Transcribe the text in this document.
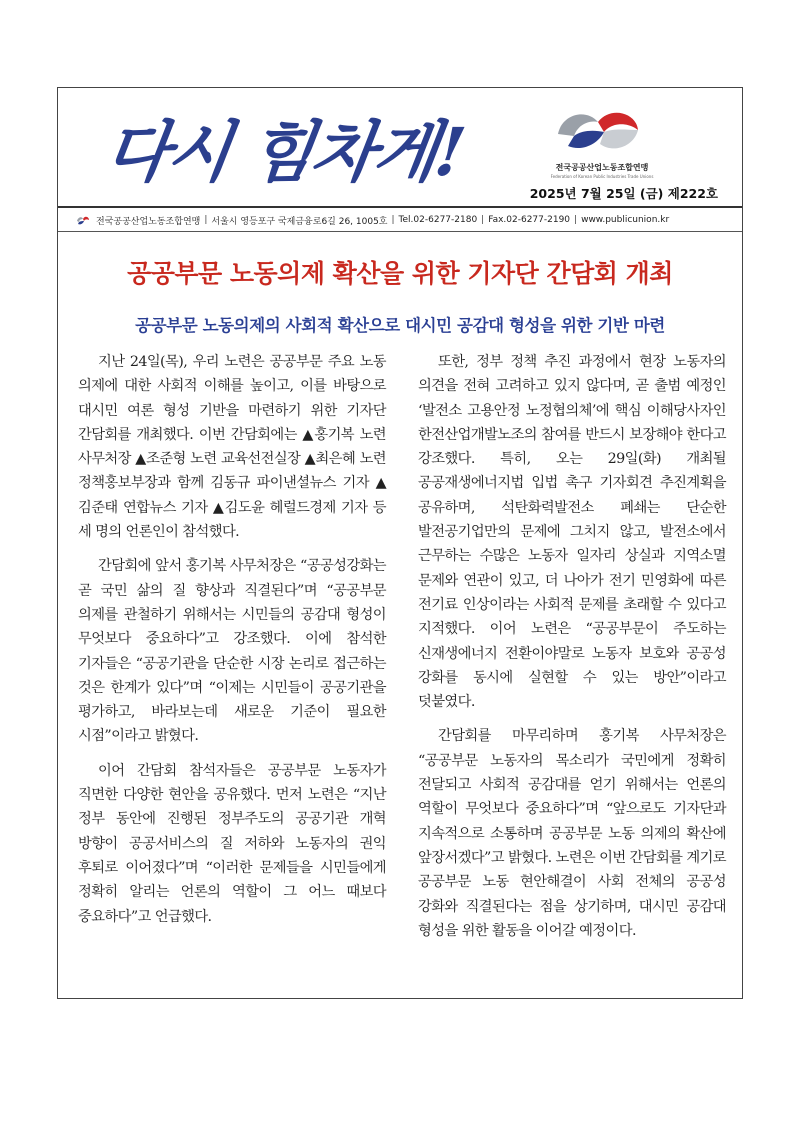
다시 힘차게!	전국공공산업노동조합연맹
Federation of Korean Public Industries Trade Unions
2025년 7월 25일 (금) 제222호
전국공공산업노동조합연맹 | 서울시 영등포구 국제금융로6길 26, 1005호 | Tel.02-6277-2180 | Fax.02-6277-2190 | www.publicunion.kr
공공부문 노동의제 확산을 위한 기자단 간담회 개최
공공부문 노동의제의 사회적 확산으로 대시민 공감대 형성을 위한 기반 마련

지난 24일(목), 우리 노련은 공공부문 주요 노동 의제에 대한 사회적 이해를 높이고, 이를 바탕으로 대시민 여론 형성 기반을 마련하기 위한 기자단 간담회를 개최했다. 이번 간담회에는 ▲홍기복 노련 사무처장 ▲조준형 노련 교육선전실장 ▲최은혜 노련 정책홍보부장과 함께 김동규 파이낸셜뉴스 기자 ▲김준태 연합뉴스 기자 ▲김도윤 헤럴드경제 기자 등 세 명의 언론인이 참석했다.

간담회에 앞서 홍기복 사무처장은 “공공성강화는 곧 국민 삶의 질 향상과 직결된다”며 “공공부문 의제를 관철하기 위해서는 시민들의 공감대 형성이 무엇보다 중요하다”고 강조했다. 이에 참석한 기자들은 “공공기관을 단순한 시장 논리로 접근하는 것은 한계가 있다”며 “이제는 시민들이 공공기관을 평가하고, 바라보는데 새로운 기준이 필요한 시점”이라고 밝혔다.

이어 간담회 참석자들은 공공부문 노동자가 직면한 다양한 현안을 공유했다. 먼저 노련은 “지난 정부 동안에 진행된 정부주도의 공공기관 개혁 방향이 공공서비스의 질 저하와 노동자의 권익 후퇴로 이어졌다”며 “이러한 문제들을 시민들에게 정확히 알리는 언론의 역할이 그 어느 때보다 중요하다”고 언급했다.

또한, 정부 정책 추진 과정에서 현장 노동자의 의견을 전혀 고려하고 있지 않다며, 곧 출범 예정인 ‘발전소 고용안정 노정협의체’에 핵심 이해당사자인 한전산업개발노조의 참여를 반드시 보장해야 한다고 강조했다. 특히, 오는 29일(화) 개최될 공공재생에너지법 입법 촉구 기자회견 추진계획을 공유하며, 석탄화력발전소 폐쇄는 단순한 발전공기업만의 문제에 그치지 않고, 발전소에서 근무하는 수많은 노동자 일자리 상실과 지역소멸 문제와 연관이 있고, 더 나아가 전기 민영화에 따른 전기료 인상이라는 사회적 문제를 초래할 수 있다고 지적했다. 이어 노련은 “공공부문이 주도하는 신재생에너지 전환이야말로 노동자 보호와 공공성 강화를 동시에 실현할 수 있는 방안”이라고 덧붙였다.

간담회를 마무리하며 홍기복 사무처장은 “공공부문 노동자의 목소리가 국민에게 정확히 전달되고 사회적 공감대를 얻기 위해서는 언론의 역할이 무엇보다 중요하다”며 “앞으로도 기자단과 지속적으로 소통하며 공공부문 노동 의제의 확산에 앞장서겠다”고 밝혔다. 노련은 이번 간담회를 계기로 공공부문 노동 현안해결이 사회 전체의 공공성 강화와 직결된다는 점을 상기하며, 대시민 공감대 형성을 위한 활동을 이어갈 예정이다.
